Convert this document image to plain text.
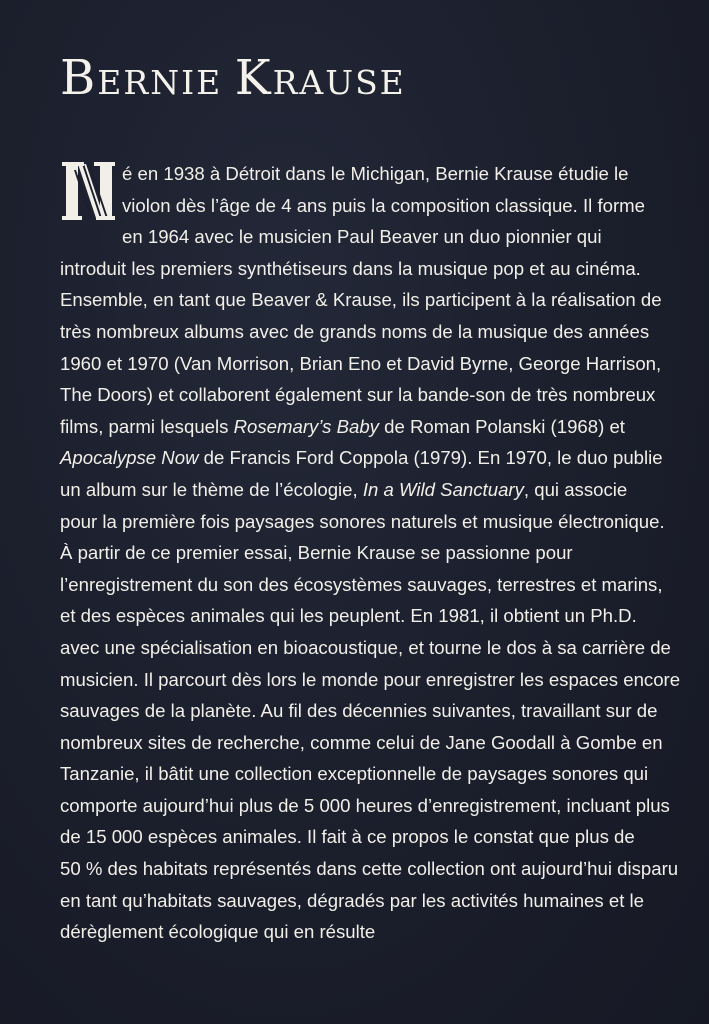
BERNIE KRAUSE
N

é en 1938 à Détroit dans le Michigan, Bernie Krause étudie le
violon dès l’âge de 4 ans puis la composition classique. Il forme
en 1964 avec le musicien Paul Beaver un duo pionnier qui
introduit les premiers synthétiseurs dans la musique pop et au cinéma.
Ensemble, en tant que Beaver & Krause, ils participent à la réalisation de
très nombreux albums avec de grands noms de la musique des années
1960 et 1970 (Van Morrison, Brian Eno et David Byrne, George Harrison,
The Doors) et collaborent également sur la bande-son de très nombreux
films, parmi lesquels Rosemary’s Baby de Roman Polanski (1968) et
Apocalypse Now de Francis Ford Coppola (1979). En 1970, le duo publie
un album sur le thème de l’écologie, In a Wild Sanctuary, qui associe
pour la première fois paysages sonores naturels et musique électronique.
À partir de ce premier essai, Bernie Krause se passionne pour
l’enregistrement du son des écosystèmes sauvages, terrestres et marins,
et des espèces animales qui les peuplent. En 1981, il obtient un Ph.D.
avec une spécialisation en bioacoustique, et tourne le dos à sa carrière de
musicien. Il parcourt dès lors le monde pour enregistrer les espaces encore
sauvages de la planète. Au fil des décennies suivantes, travaillant sur de
nombreux sites de recherche, comme celui de Jane Goodall à Gombe en
Tanzanie, il bâtit une collection exceptionnelle de paysages sonores qui
comporte aujourd’hui plus de 5 000 heures d’enregistrement, incluant plus
de 15 000 espèces animales. Il fait à ce propos le constat que plus de
50 % des habitats représentés dans cette collection ont aujourd’hui disparu
en tant qu’habitats sauvages, dégradés par les activités humaines et le
dérèglement écologique qui en résulte
